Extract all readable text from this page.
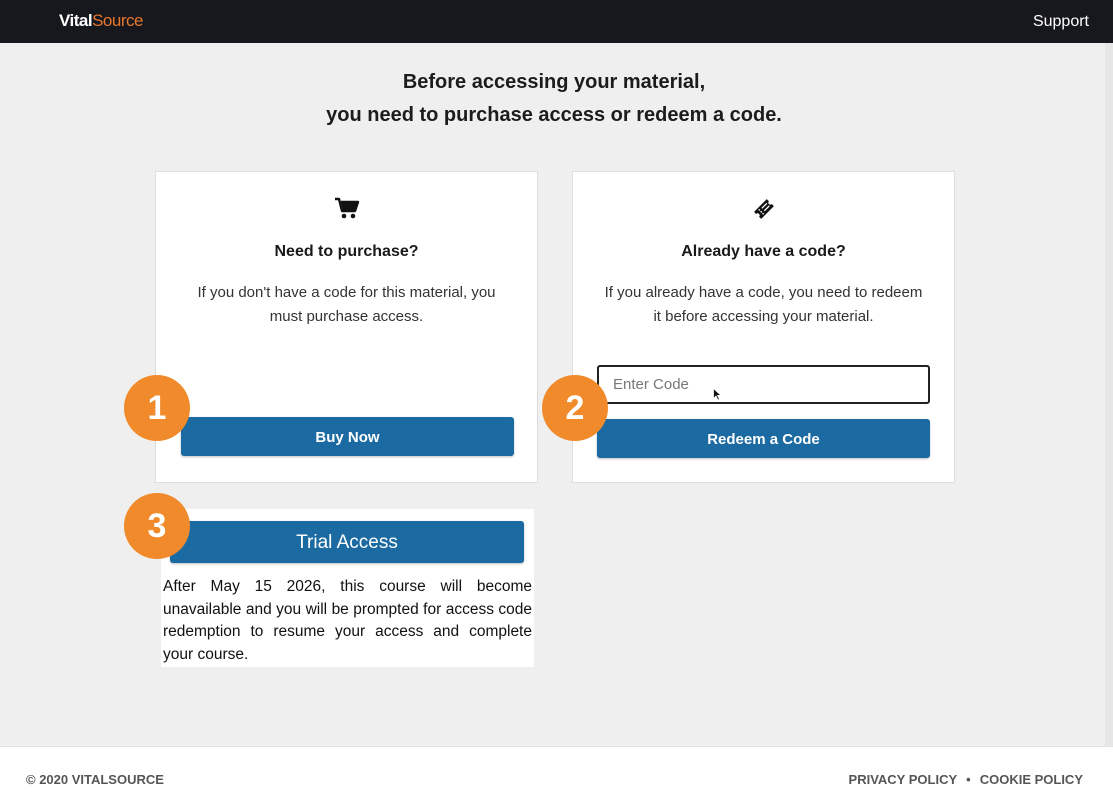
VitalSource	Support
Before accessing your material,
you need to purchase access or redeem a code.
Need to purchase?
If you don't have a code for this material, you must purchase access.
Buy Now
Already have a code?
If you already have a code, you need to redeem it before accessing your material.
Enter Code
Redeem a Code
Trial Access
After May 15 2026, this course will become unavailable and you will be prompted for access code redemption to resume your access and complete your course.
1	2
3
© 2020 VITALSOURCE	PRIVACY POLICY • COOKIE POLICY
